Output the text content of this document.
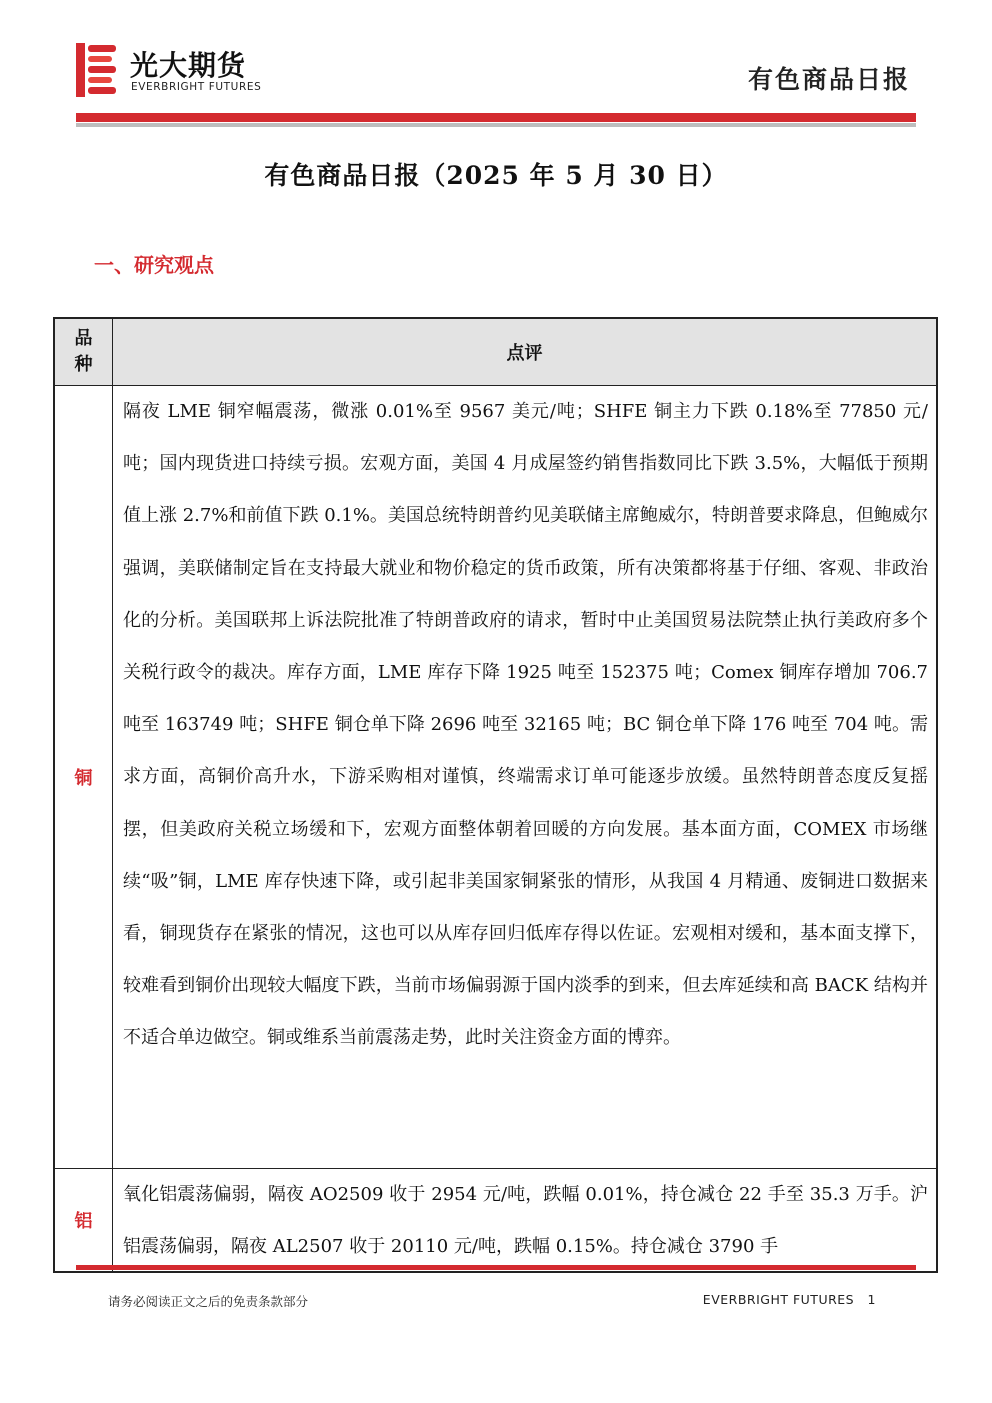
光大期货
EVERBRIGHT FUTURES	有色商品日报
有色商品日报（2025 年 5 月 30 日）
一、研究观点
品种
点评
铜
隔夜 LME 铜窄幅震荡，微涨 0.01%至 9567 美元/吨；SHFE 铜主力下跌 0.18%至 77850 元/吨；国内现货进口持续亏损。宏观方面，美国 4 月成屋签约销售指数同比下跌 3.5%，大幅低于预期值上涨 2.7%和前值下跌 0.1%。美国总统特朗普约见美联储主席鲍威尔，特朗普要求降息，但鲍威尔强调，美联储制定旨在支持最大就业和物价稳定的货币政策，所有决策都将基于仔细、客观、非政治化的分析。美国联邦上诉法院批准了特朗普政府的请求，暂时中止美国贸易法院禁止执行美政府多个关税行政令的裁决。库存方面，LME 库存下降 1925 吨至 152375 吨；Comex 铜库存增加 706.7 吨至 163749 吨；SHFE 铜仓单下降 2696 吨至 32165 吨；BC 铜仓单下降 176 吨至 704 吨。需求方面，高铜价高升水，下游采购相对谨慎，终端需求订单可能逐步放缓。虽然特朗普态度反复摇摆，但美政府关税立场缓和下，宏观方面整体朝着回暖的方向发展。基本面方面，COMEX 市场继续“吸”铜，LME 库存快速下降，或引起非美国家铜紧张的情形，从我国 4 月精通、废铜进口数据来看，铜现货存在紧张的情况，这也可以从库存回归低库存得以佐证。宏观相对缓和，基本面支撑下，较难看到铜价出现较大幅度下跌，当前市场偏弱源于国内淡季的到来，但去库延续和高 BACK 结构并不适合单边做空。铜或维系当前震荡走势，此时关注资金方面的博弈。
铝
氧化铝震荡偏弱，隔夜 AO2509 收于 2954 元/吨，跌幅 0.01%，持仓减仓 22 手至 35.3 万手。沪铝震荡偏弱，隔夜 AL2507 收于 20110 元/吨，跌幅 0.15%。持仓减仓 3790 手
请务必阅读正文之后的免责条款部分	EVERBRIGHT FUTURES 1
